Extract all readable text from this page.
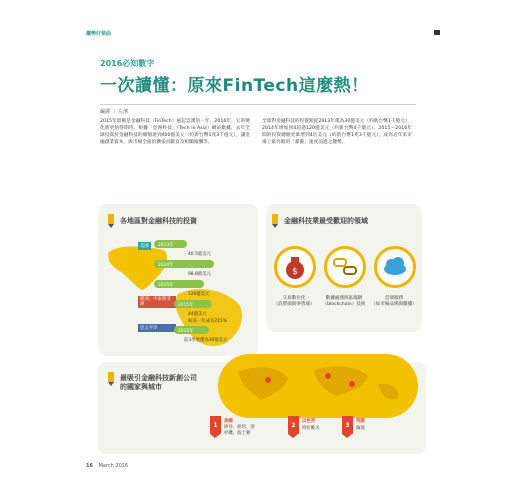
趨勢好領曲
2016必知數字
一次讀懂：原來FinTech這麼熱！
編譯 ｜ 左濱
2015年堪稱是金融科技（FinTech）風起雲湧的一年，2016年，它的變化將更值得期待。根據「亞洲科技」（Tech in Asia）網站數據，去年全球投資於金融科技的總額達到400億美元（約新台幣1兆3千億元），讓金融創業資本、與市場全面的擴張貢獻良及相關報酬等。
全球對金融科技的投資額從2013年僅為30億美元（約新台幣1千億元），2014年增加到4超過120億美元（約新台幣4千億元）。2015～2016年間的投資總額更暴增到4倍美元（約新台幣1兆3千億元），成為近年來市場上最亮眼的「暴衝」速度前進之趨勢。
各地區對金融科技的投資
美國	2013年
40.5億美元
2014年
98.8億美元
2015年
120億美元
歐洲、中東與非洲	2015年
44億美元
較前一年成長215%
亞太平洋
2015年
前3季度僅為30億美元
金融科技業最受歡迎的領域
$
交易數位化
（消費端與零售端）
數據處理與區塊鏈
（blockchain）技術
雲端服務
（如市場品牌與數據）
最吸引金融科技新創公司的國家與城市
1
美國
矽谷、紐約、洛杉磯、波士頓
2
以色列
特拉維夫	3
英國
倫敦
16 March 2016
